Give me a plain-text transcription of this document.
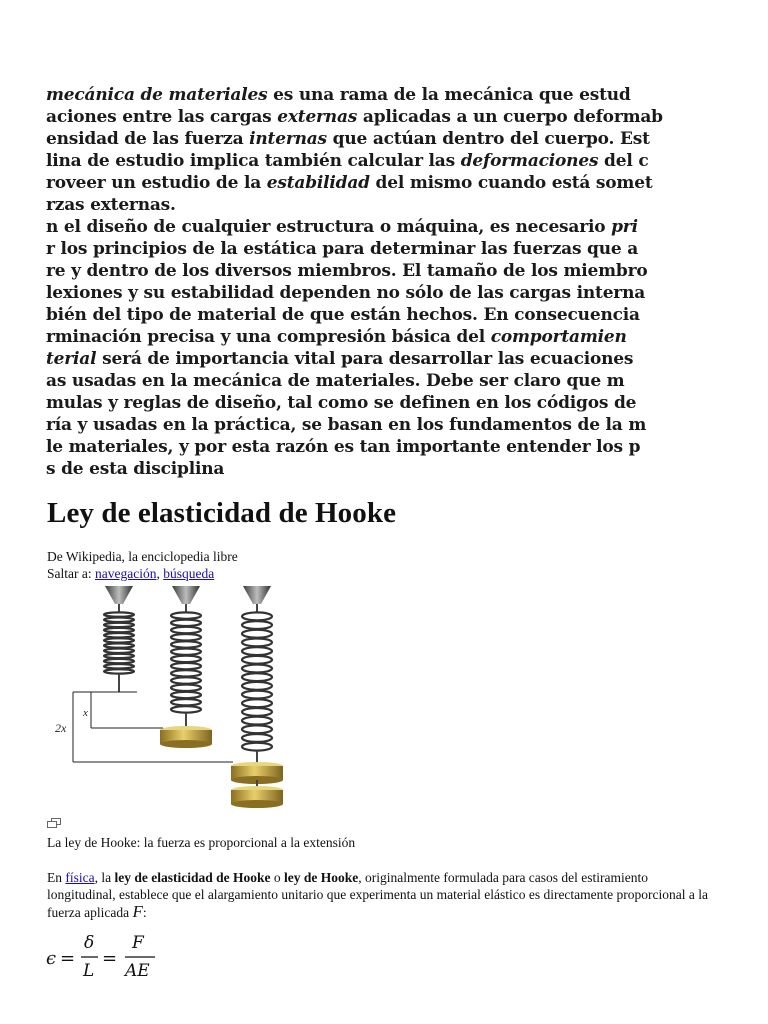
mecánica de materiales es una rama de la mecánica que estud
aciones entre las cargas externas aplicadas a un cuerpo deformab
ensidad de las fuerza internas que actúan dentro del cuerpo. Est
lina de estudio implica también calcular las deformaciones del c
roveer un estudio de la estabilidad del mismo cuando está somet
rzas externas.
n el diseño de cualquier estructura o máquina, es necesario pri
r los principios de la estática para determinar las fuerzas que a
re y dentro de los diversos miembros. El tamaño de los miembro
lexiones y su estabilidad dependen no sólo de las cargas interna
bién del tipo de material de que están hechos. En consecuencia
rminación precisa y una compresión básica del comportamien
terial será de importancia vital para desarrollar las ecuaciones
as usadas en la mecánica de materiales. Debe ser claro que m
mulas y reglas de diseño, tal como se definen en los códigos de
ría y usadas en la práctica, se basan en los fundamentos de la m
le materiales, y por esta razón es tan importante entender los p
s de esta disciplina
Ley de elasticidad de Hooke
De Wikipedia, la enciclopedia libre
Saltar a: navegación, búsqueda
x
2x
La ley de Hooke: la fuerza es proporcional a la extensión
En física, la ley de elasticidad de Hooke o ley de Hooke, originalmente formulada para casos del estiramiento longitudinal, establece que el alargamiento unitario que experimenta un material elástico es directamente proporcional a la fuerza aplicada F:
ϵ =
δ
L
=
F
AE
